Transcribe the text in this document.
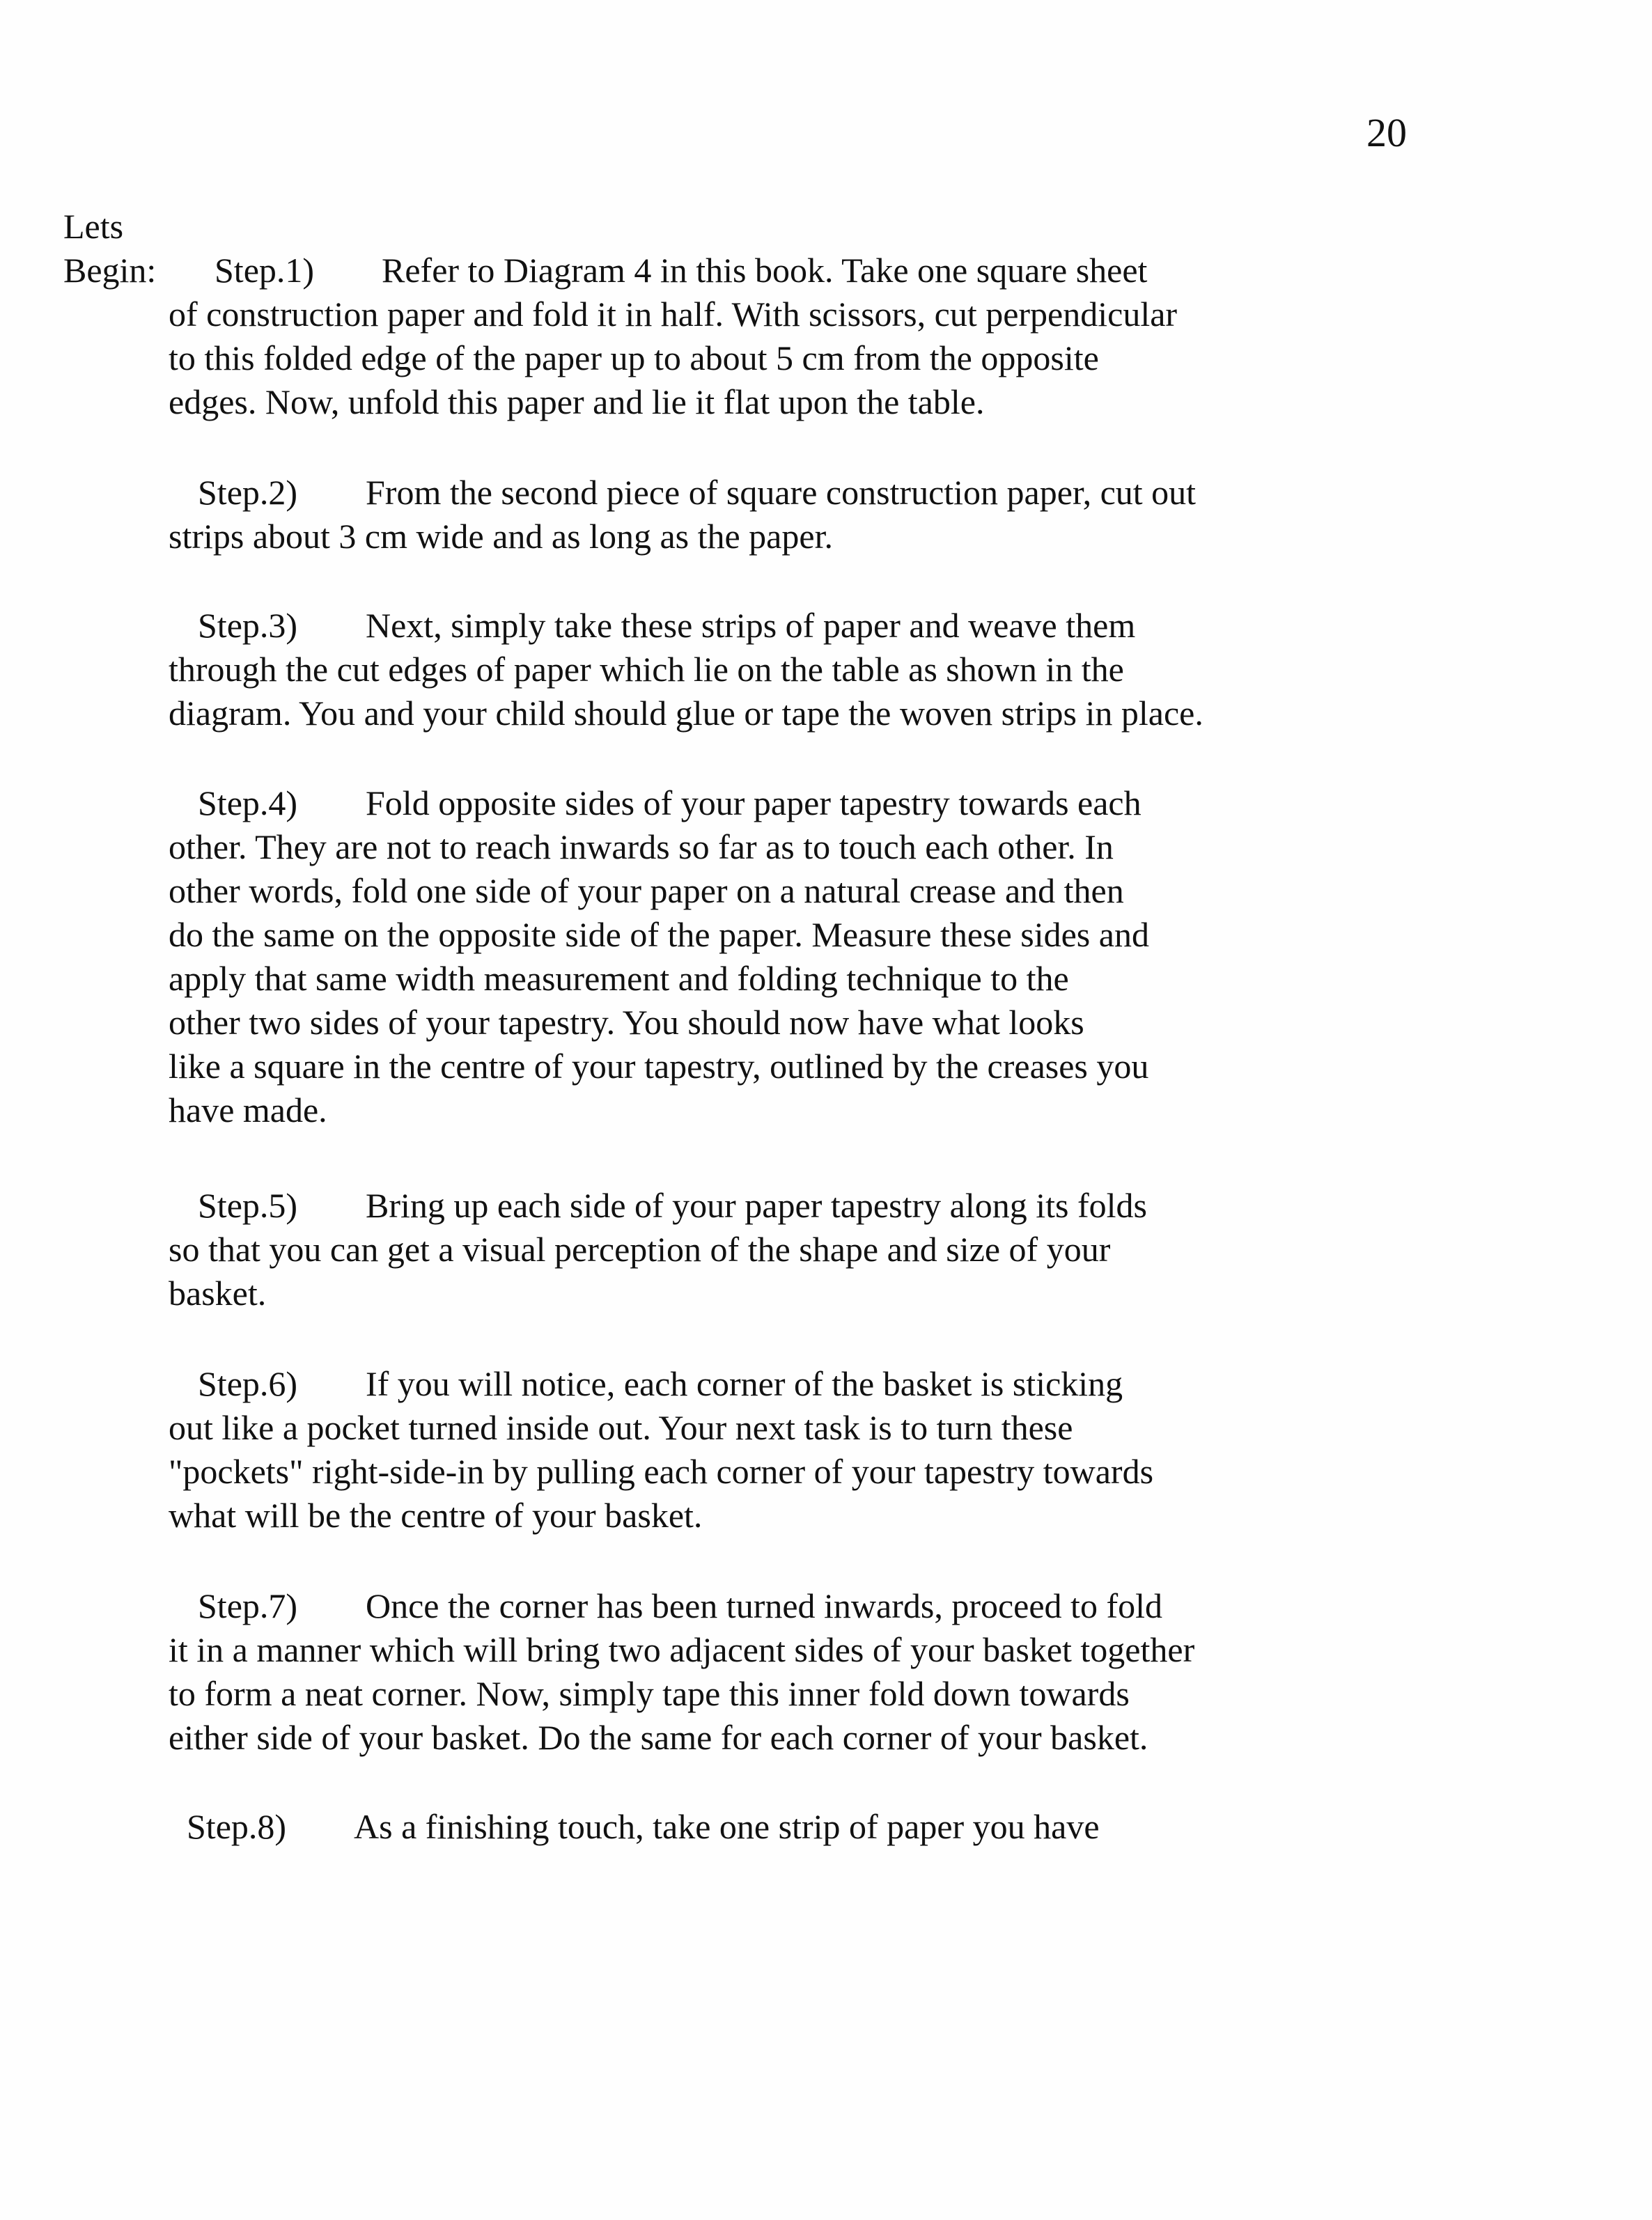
20
Lets
Begin: Step.1) Refer to Diagram 4 in this book. Take one square sheet
of construction paper and fold it in half. With scissors, cut perpendicular
to this folded edge of the paper up to about 5 cm from the opposite
edges. Now, unfold this paper and lie it flat upon the table.
Step.2) From the second piece of square construction paper, cut out
strips about 3 cm wide and as long as the paper.
Step.3) Next, simply take these strips of paper and weave them
through the cut edges of paper which lie on the table as shown in the
diagram. You and your child should glue or tape the woven strips in place.
Step.4) Fold opposite sides of your paper tapestry towards each
other. They are not to reach inwards so far as to touch each other. In
other words, fold one side of your paper on a natural crease and then
do the same on the opposite side of the paper. Measure these sides and
apply that same width measurement and folding technique to the
other two sides of your tapestry. You should now have what looks
like a square in the centre of your tapestry, outlined by the creases you
have made.
Step.5) Bring up each side of your paper tapestry along its folds
so that you can get a visual perception of the shape and size of your
basket.
Step.6) If you will notice, each corner of the basket is sticking
out like a pocket turned inside out. Your next task is to turn these
"pockets" right-side-in by pulling each corner of your tapestry towards
what will be the centre of your basket.
Step.7) Once the corner has been turned inwards, proceed to fold
it in a manner which will bring two adjacent sides of your basket together
to form a neat corner. Now, simply tape this inner fold down towards
either side of your basket. Do the same for each corner of your basket.
Step.8) As a finishing touch, take one strip of paper you have
